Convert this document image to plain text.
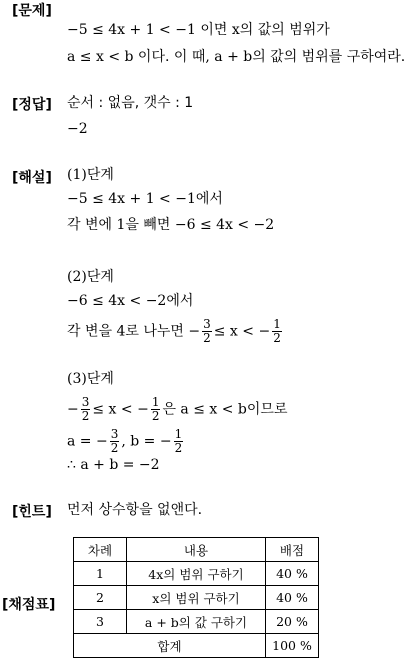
[문제]
[정답]
[해설]
[힌트]
[채점표]
−5 ≤ 4x + 1 < −1 이면 x의 값의 범위가
a ≤ x < b 이다. 이 때, a + b의 값의 범위를 구하여라.
순서 : 없음, 갯수 : 1
−2
(1)단계
−5 ≤ 4x + 1 < −1에서
각 변에 1을 빼면 −6 ≤ 4x < −2
(2)단계
−6 ≤ 4x < −2에서
각 변을 4로 나누면 − $\frac{3}{2} \le x$ < − $\frac{1}{2}$
(3)단계
− $\frac{3}{2} \le x$ < − $\frac{1}{2}$ 은 a ≤ x < b이므로
a = − $\frac{3}{2}$ , b = − $\frac{1}{2}$
∴ a + b = −2
먼저 상수항을 없앤다.
차례	내용	배점
1	4x의 범위 구하기	40 %
2	x의 범위 구하기	40 %
3	a + b의 값 구하기	20 %
합계		100 %
